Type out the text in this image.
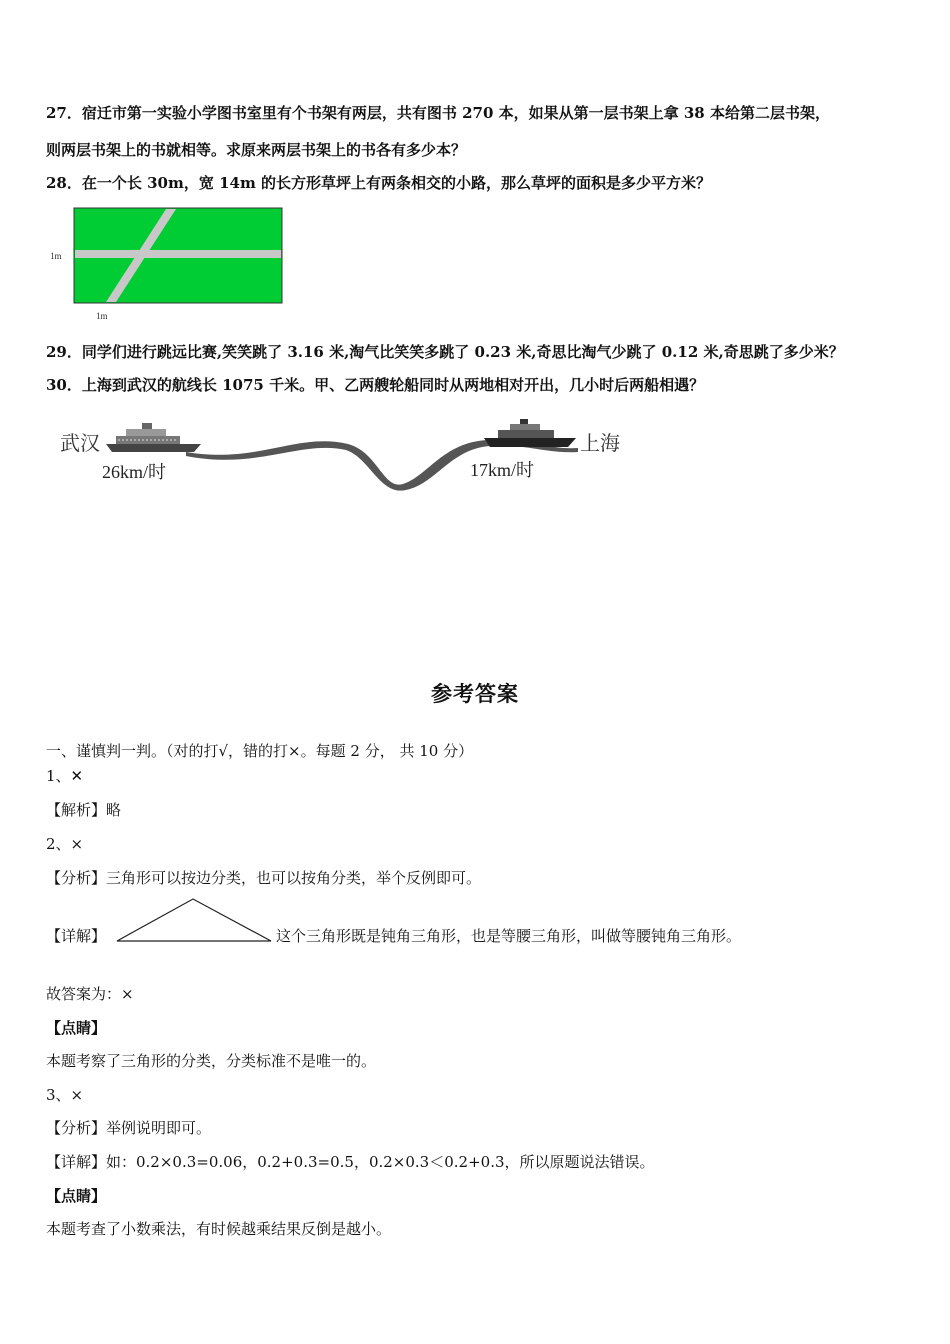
27．宿迁市第一实验小学图书室里有个书架有两层，共有图书 270 本，如果从第一层书架上拿 38 本给第二层书架，
则两层书架上的书就相等。求原来两层书架上的书各有多少本？
28．在一个长 30m，宽 14m 的长方形草坪上有两条相交的小路，那么草坪的面积是多少平方米？
1m
1m
29．同学们进行跳远比赛,笑笑跳了 3.16 米,淘气比笑笑多跳了 0.23 米,奇思比淘气少跳了 0.12 米,奇思跳了多少米？
30．上海到武汉的航线长 1075 千米。甲、乙两艘轮船同时从两地相对开出，几小时后两船相遇？
武汉	上海
26km/时	17km/时
参考答案
一、谨慎判一判。（对的打√，错的打×。每题 2 分， 共 10 分）
1、✕
【解析】略
2、×
【分析】三角形可以按边分类，也可以按角分类，举个反例即可。
【详解】	这个三角形既是钝角三角形，也是等腰三角形，叫做等腰钝角三角形。
故答案为：×
【点睛】
本题考察了三角形的分类，分类标准不是唯一的。
3、×
【分析】举例说明即可。
【详解】如：0.2×0.3=0.06，0.2+0.3=0.5，0.2×0.3＜0.2+0.3，所以原题说法错误。
【点睛】
本题考查了小数乘法，有时候越乘结果反倒是越小。
